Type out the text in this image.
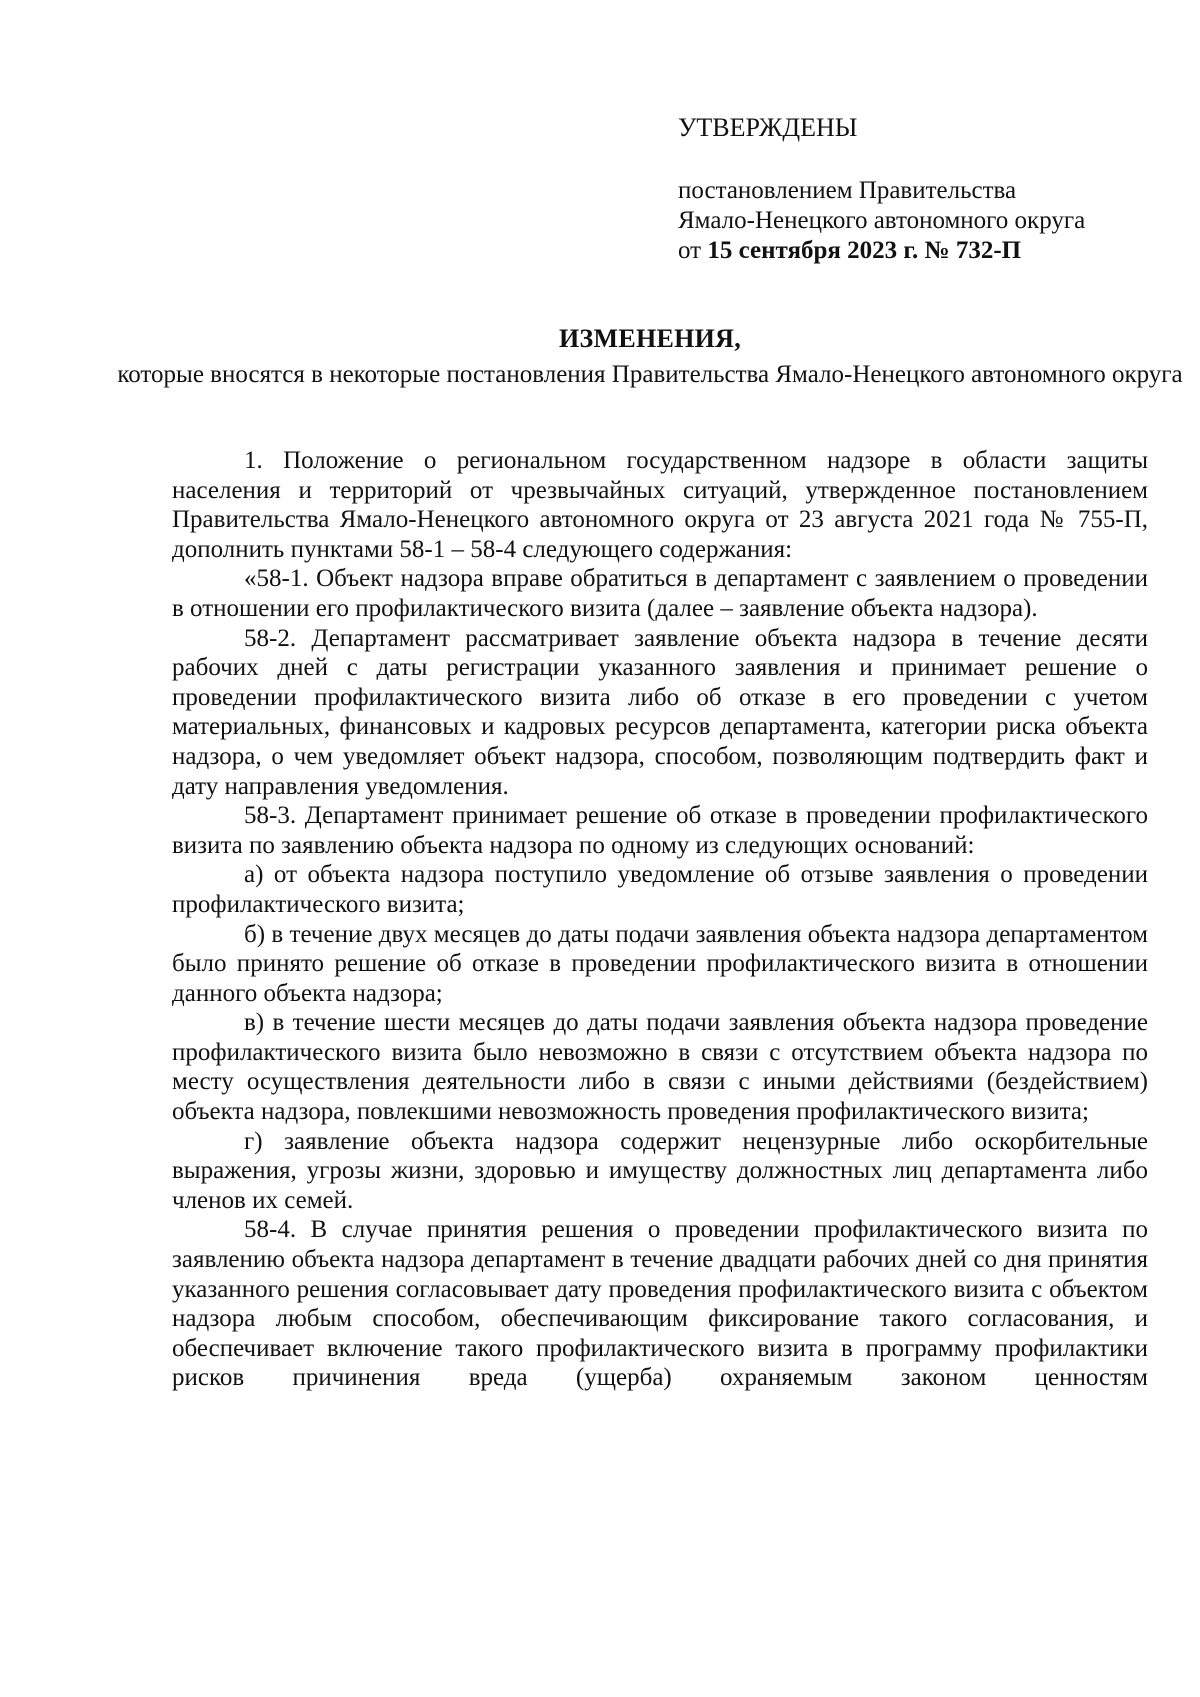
УТВЕРЖДЕНЫ

постановлением Правительства

Ямало-Ненецкого автономного округа

от 15 сентября 2023 г. № 732-П

ИЗМЕНЕНИЯ,

которые вносятся в некоторые постановления Правительства Ямало-Ненецкого автономного округа

1. Положение о региональном государственном надзоре в области защиты населения и территорий от чрезвычайных ситуаций, утвержденное постановлением Правительства Ямало-Ненецкого автономного округа от 23 августа 2021 года № 755-П, дополнить пунктами 58-1 – 58-4 следующего содержания:

«58-1. Объект надзора вправе обратиться в департамент с заявлением о проведении в отношении его профилактического визита (далее – заявление объекта надзора).

58-2. Департамент рассматривает заявление объекта надзора в течение десяти рабочих дней с даты регистрации указанного заявления и принимает решение о проведении профилактического визита либо об отказе в его проведении с учетом материальных, финансовых и кадровых ресурсов департамента, категории риска объекта надзора, о чем уведомляет объект надзора, способом, позволяющим подтвердить факт и дату направления уведомления.

58-3. Департамент принимает решение об отказе в проведении профилактического визита по заявлению объекта надзора по одному из следующих оснований:

а) от объекта надзора поступило уведомление об отзыве заявления о проведении профилактического визита;

б) в течение двух месяцев до даты подачи заявления объекта надзора департаментом было принято решение об отказе в проведении профилактического визита в отношении данного объекта надзора;

в) в течение шести месяцев до даты подачи заявления объекта надзора проведение профилактического визита было невозможно в связи с отсутствием объекта надзора по месту осуществления деятельности либо в связи с иными действиями (бездействием) объекта надзора, повлекшими невозможность проведения профилактического визита;

г) заявление объекта надзора содержит нецензурные либо оскорбительные выражения, угрозы жизни, здоровью и имуществу должностных лиц департамента либо членов их семей.

58-4. В случае принятия решения о проведении профилактического визита по заявлению объекта надзора департамент в течение двадцати рабочих дней со дня принятия указанного решения согласовывает дату проведения профилактического визита с объектом надзора любым способом, обеспечивающим фиксирование такого согласования, и обеспечивает включение такого профилактического визита в программу профилактики рисков причинения вреда (ущерба) охраняемым законом ценностям
